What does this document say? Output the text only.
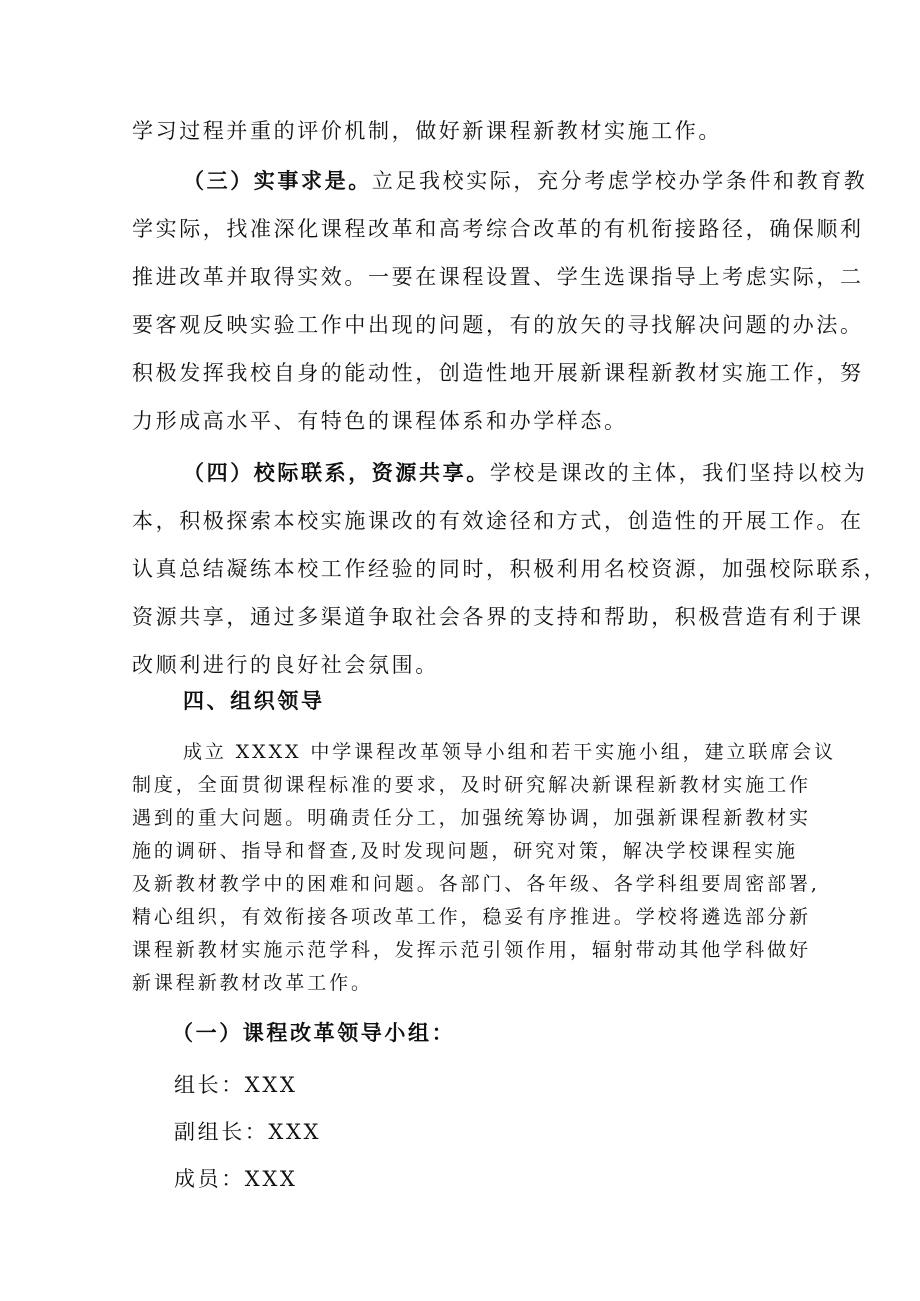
学习过程并重的评价机制，做好新课程新教材实施工作。
（三）实事求是。立足我校实际，充分考虑学校办学条件和教育教
学实际，找准深化课程改革和高考综合改革的有机衔接路径，确保顺利
推进改革并取得实效。一要在课程设置、学生选课指导上考虑实际，二
要客观反映实验工作中出现的问题，有的放矢的寻找解决问题的办法。
积极发挥我校自身的能动性，创造性地开展新课程新教材实施工作，努
力形成高水平、有特色的课程体系和办学样态。
（四）校际联系，资源共享。学校是课改的主体，我们坚持以校为
本，积极探索本校实施课改的有效途径和方式，创造性的开展工作。在
认真总结凝练本校工作经验的同时，积极利用名校资源，加强校际联系，
资源共享，通过多渠道争取社会各界的支持和帮助，积极营造有利于课
改顺利进行的良好社会氛围。
四、组织领导
成立 XXXX 中学课程改革领导小组和若干实施小组，建立联席会议
制度，全面贯彻课程标准的要求，及时研究解决新课程新教材实施工作
遇到的重大问题。明确责任分工，加强统筹协调，加强新课程新教材实
施的调研、指导和督查,及时发现问题，研究对策，解决学校课程实施
及新教材教学中的困难和问题。各部门、各年级、各学科组要周密部署,
精心组织，有效衔接各项改革工作，稳妥有序推进。学校将遴选部分新
课程新教材实施示范学科，发挥示范引领作用，辐射带动其他学科做好
新课程新教材改革工作。
（一）课程改革领导小组：
组长：XXX
副组长：XXX
成员：XXX
